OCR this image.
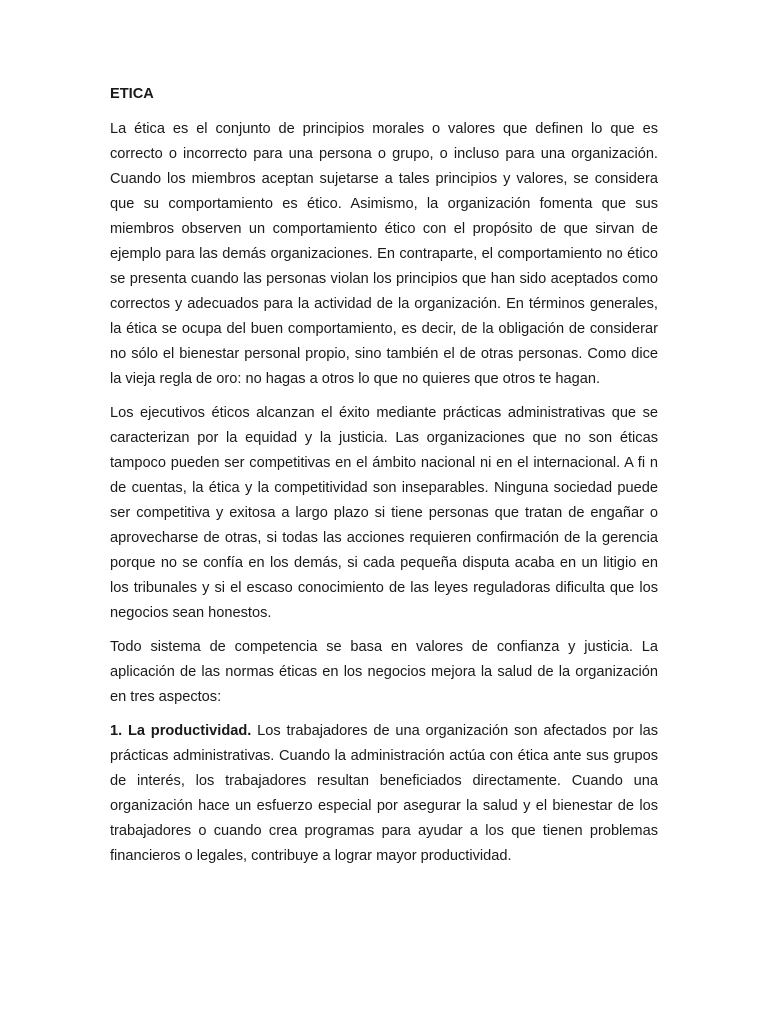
ETICA

La ética es el conjunto de principios morales o valores que definen lo que es correcto o incorrecto para una persona o grupo, o incluso para una organización. Cuando los miembros aceptan sujetarse a tales principios y valores, se considera que su comportamiento es ético. Asimismo, la organización fomenta que sus miembros observen un comportamiento ético con el propósito de que sirvan de ejemplo para las demás organizaciones. En contraparte, el comportamiento no ético se presenta cuando las personas violan los principios que han sido aceptados como correctos y adecuados para la actividad de la organización. En términos generales, la ética se ocupa del buen comportamiento, es decir, de la obligación de considerar no sólo el bienestar personal propio, sino también el de otras personas. Como dice la vieja regla de oro: no hagas a otros lo que no quieres que otros te hagan.

Los ejecutivos éticos alcanzan el éxito mediante prácticas administrativas que se caracterizan por la equidad y la justicia. Las organizaciones que no son éticas tampoco pueden ser competitivas en el ámbito nacional ni en el internacional. A fi n de cuentas, la ética y la competitividad son inseparables. Ninguna sociedad puede ser competitiva y exitosa a largo plazo si tiene personas que tratan de engañar o aprovecharse de otras, si todas las acciones requieren confirmación de la gerencia porque no se confía en los demás, si cada pequeña disputa acaba en un litigio en los tribunales y si el escaso conocimiento de las leyes reguladoras dificulta que los negocios sean honestos.

Todo sistema de competencia se basa en valores de confianza y justicia. La aplicación de las normas éticas en los negocios mejora la salud de la organización en tres aspectos:

1. La productividad. Los trabajadores de una organización son afectados por las prácticas administrativas. Cuando la administración actúa con ética ante sus grupos de interés, los trabajadores resultan beneficiados directamente. Cuando una organización hace un esfuerzo especial por asegurar la salud y el bienestar de los trabajadores o cuando crea programas para ayudar a los que tienen problemas financieros o legales, contribuye a lograr mayor productividad.
